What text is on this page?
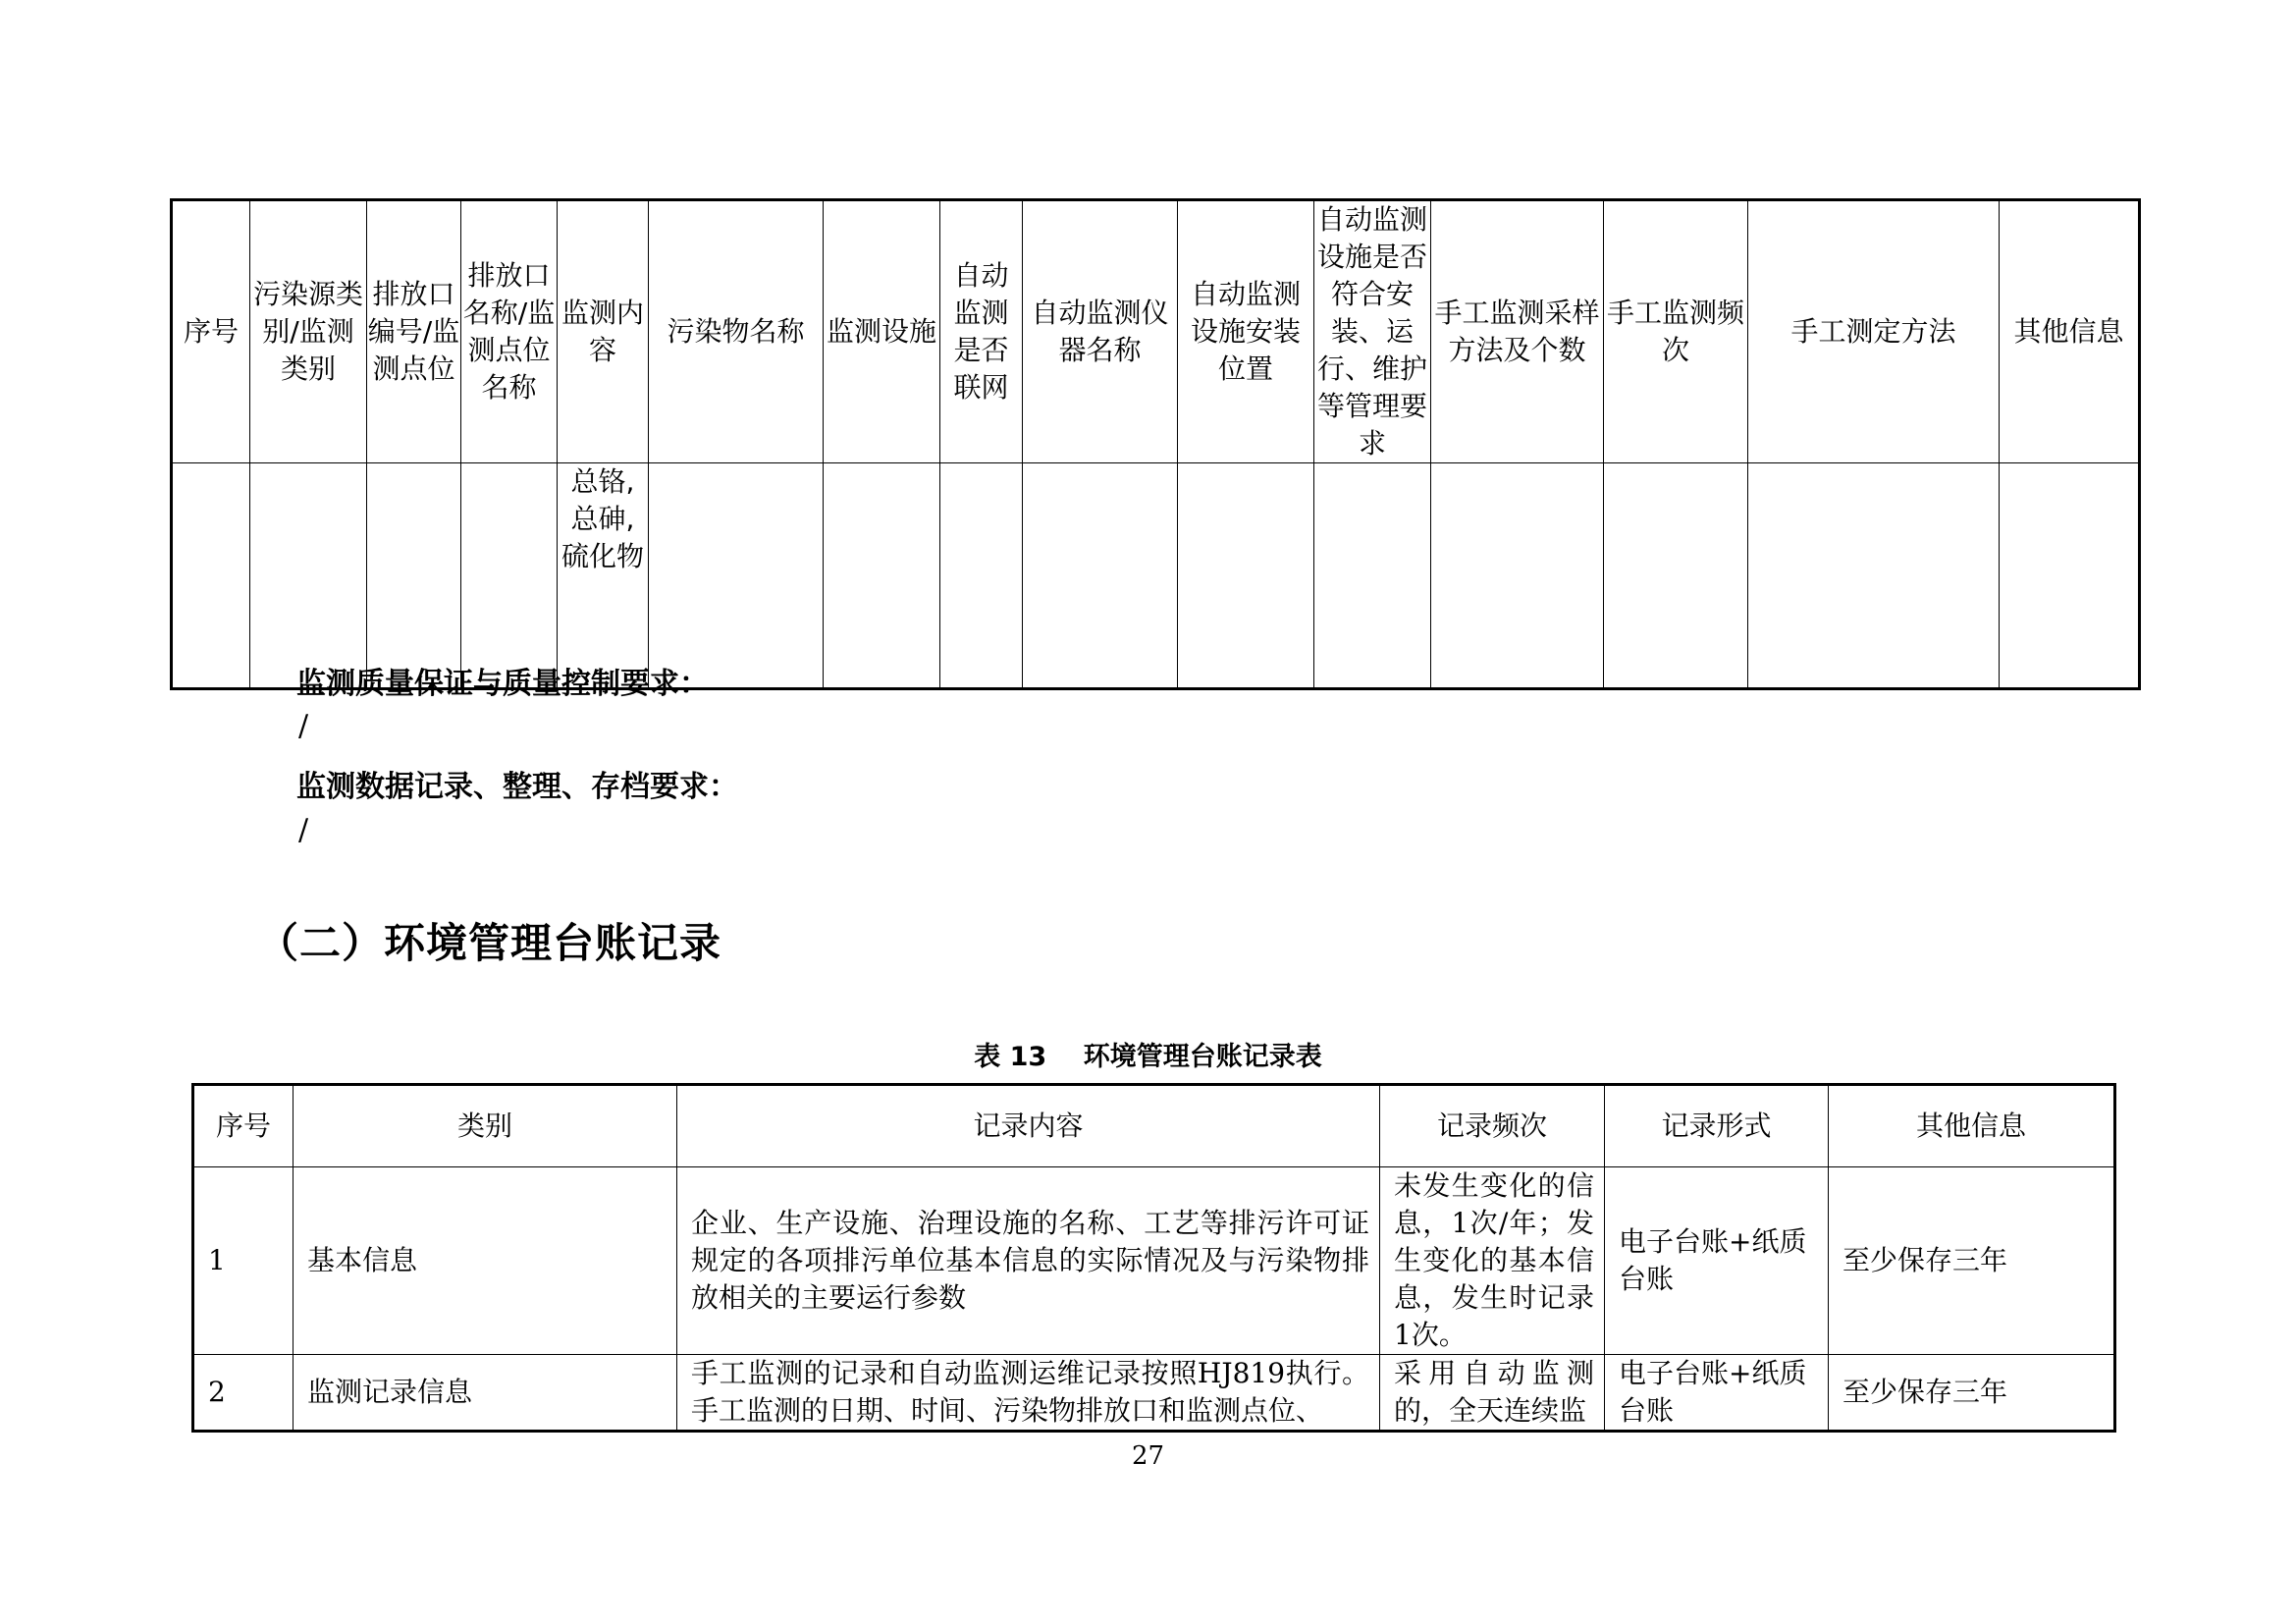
序号	污染源类别/监测类别	排放口编号/监测点位	排放口名称/监测点位名称	监测内容	污染物名称	监测设施	自动监测是否联网	自动监测仪器名称	自动监测设施安装位置	自动监测设施是否符合安装、运行、维护等管理要求	手工监测采样方法及个数	手工监测频次	手工测定方法	其他信息
				总铬,总砷,硫化物										
监测质量保证与质量控制要求：
/
监测数据记录、整理、存档要求：
/
（二）环境管理台账记录
表 13    环境管理台账记录表
序号	类别	记录内容	记录频次	记录形式	其他信息
1	基本信息	企业、生产设施、治理设施的名称、工艺等排污许可证规定的各项排污单位基本信息的实际情况及与污染物排放相关的主要运行参数	未发生变化的信息，1次/年；发生变化的基本信息，发生时记录1次。	电子台账+纸质台账	至少保存三年
2	监测记录信息	手工监测的记录和自动监测运维记录按照HJ819执行。手工监测的日期、时间、污染物排放口和监测点位、	采用自动监测的，全天连续监	电子台账+纸质台账	至少保存三年
27
